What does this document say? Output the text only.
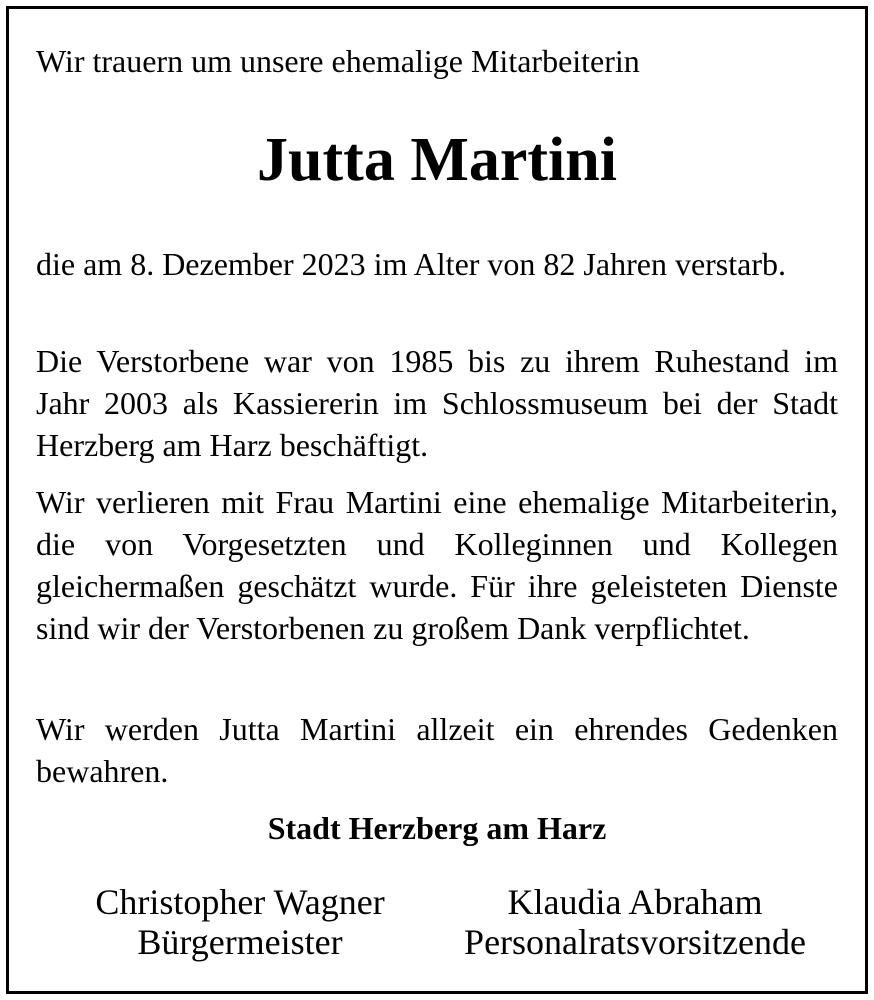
Wir trauern um unsere ehemalige Mitarbeiterin
Jutta Martini

die am 8. Dezember 2023 im Alter von 82 Jahren verstarb.

Die Verstorbene war von 1985 bis zu ihrem Ruhestand im Jahr 2003 als Kassiererin im Schlossmuseum bei der Stadt Herzberg am Harz beschäftigt.

Wir verlieren mit Frau Martini eine ehemalige Mitarbeiterin, die von Vorgesetzten und Kolleginnen und Kollegen gleichermaßen geschätzt wurde. Für ihre geleisteten Dienste sind wir der Verstorbenen zu großem Dank verpflichtet.

Wir werden Jutta Martini allzeit ein ehrendes Gedenken bewahren.

Stadt Herzberg am Harz
Christopher Wagner
Bürgermeister
Klaudia Abraham
Personalratsvorsitzende
